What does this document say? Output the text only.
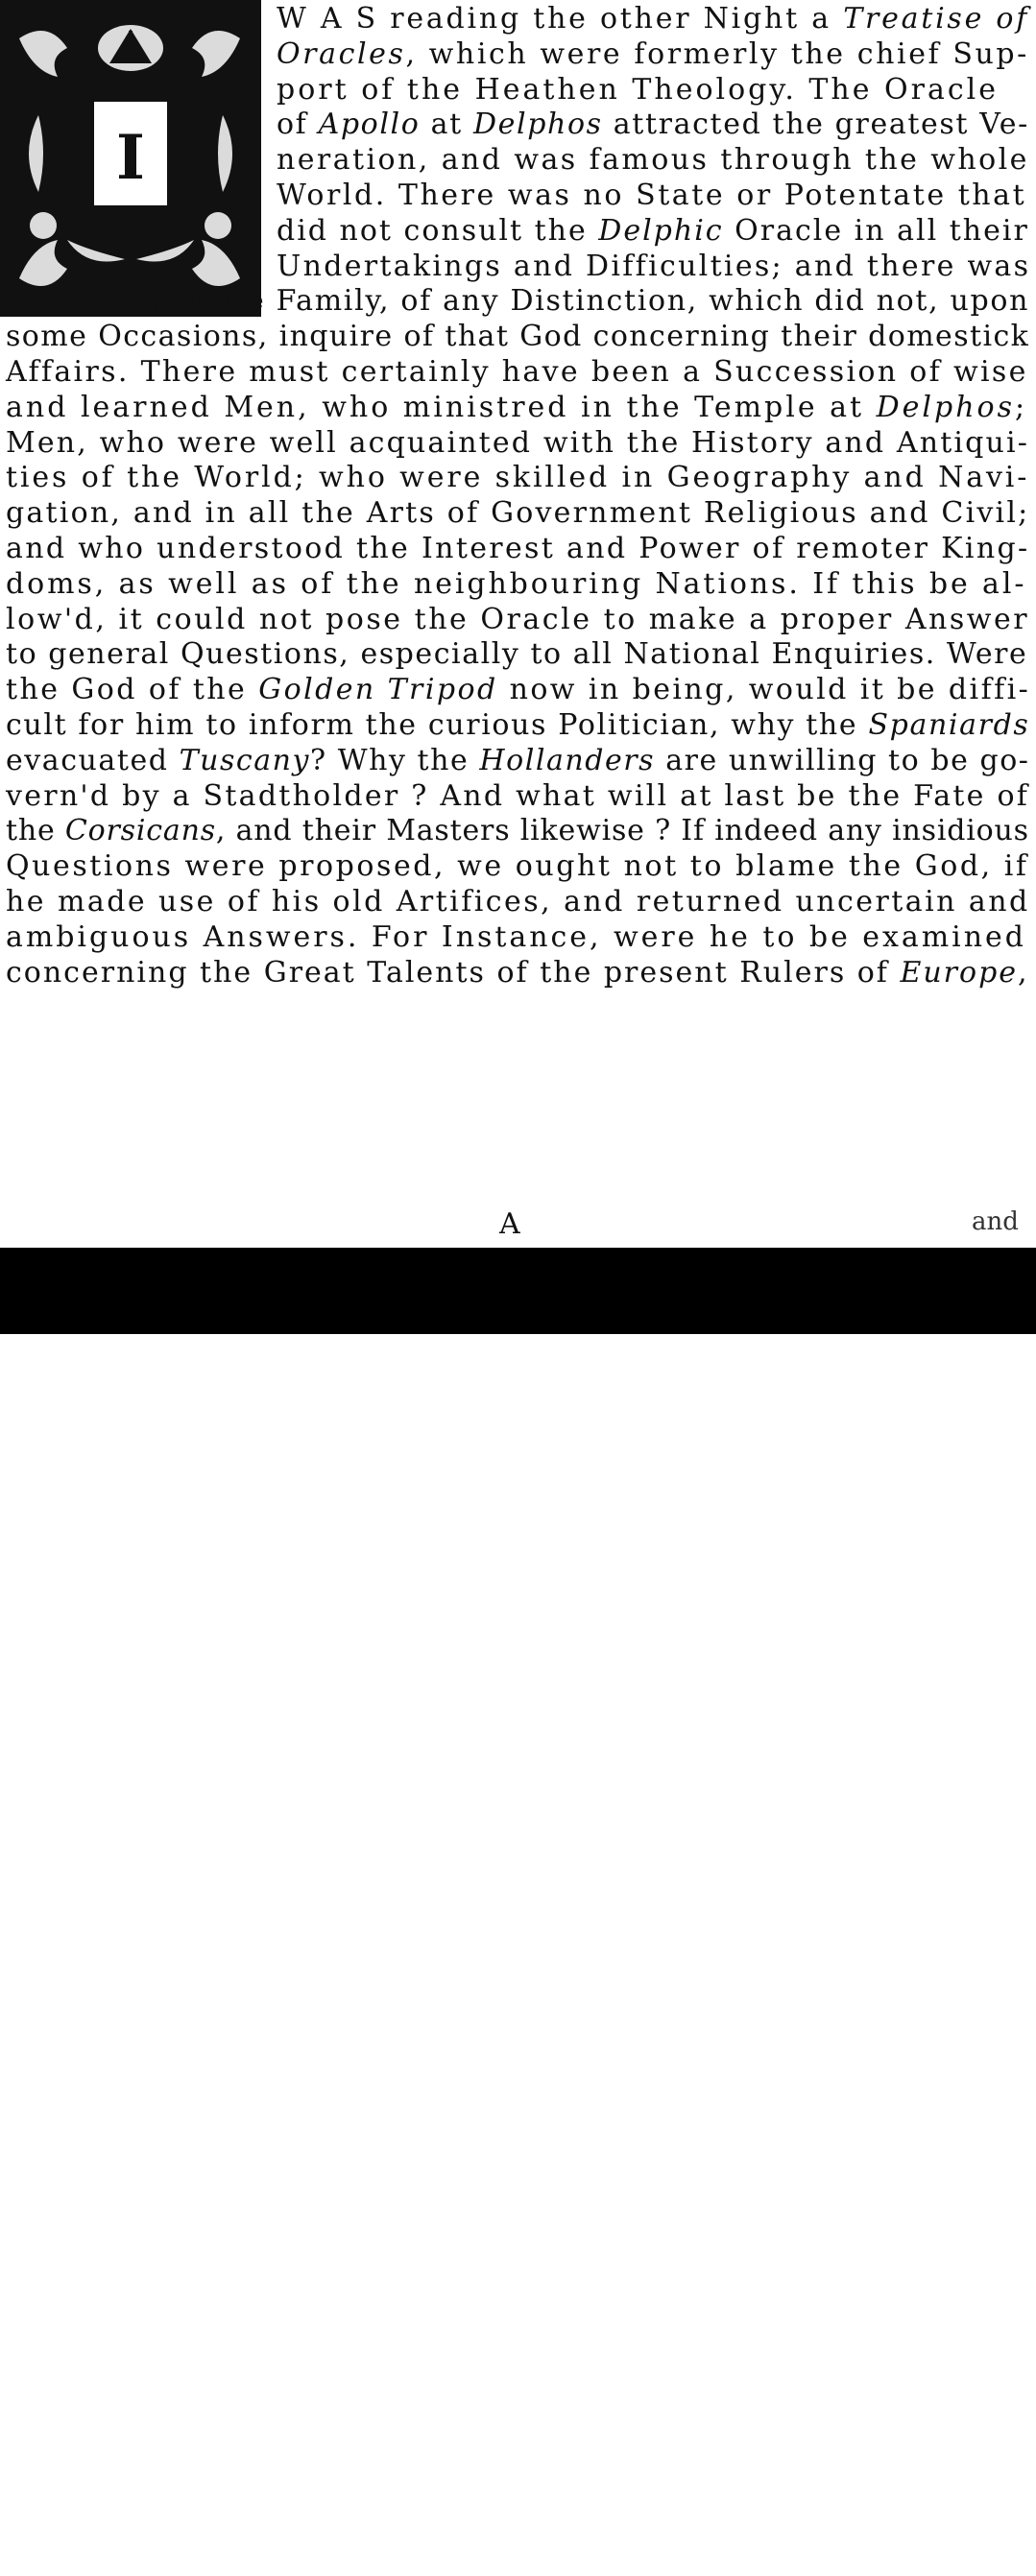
I
W A S reading the other Night a Treatise of
Oracles, which were formerly the chief Sup-
port of the Heathen Theology. The Oracle
of Apollo at Delphos attracted the greatest Ve-
neration, and was famous through the whole
World. There was no State or Potentate that
did not consult the Delphic Oracle in all their
Undertakings and Difficulties; and there was
scarce a private Family, of any Distinction, which did not, upon
some Occasions, inquire of that God concerning their domestick
Affairs. There must certainly have been a Succession of wise
and learned Men, who ministred in the Temple at Delphos;
Men, who were well acquainted with the History and Antiqui-
ties of the World; who were skilled in Geography and Navi-
gation, and in all the Arts of Government Religious and Civil;
and who understood the Interest and Power of remoter King-
doms, as well as of the neighbouring Nations. If this be al-
low'd, it could not pose the Oracle to make a proper Answer
to general Questions, especially to all National Enquiries. Were
the God of the Golden Tripod now in being, would it be diffi-
cult for him to inform the curious Politician, why the Spaniards
evacuated Tuscany? Why the Hollanders are unwilling to be go-
vern'd by a Stadtholder ? And what will at last be the Fate of
the Corsicans, and their Masters likewise ? If indeed any insidious
Questions were proposed, we ought not to blame the God, if
he made use of his old Artifices, and returned uncertain and
ambiguous Answers. For Instance, were he to be examined
concerning the Great Talents of the present Rulers of Europe,
A	and
alamy	Image ID: P0B0KP
www.alamy.com
